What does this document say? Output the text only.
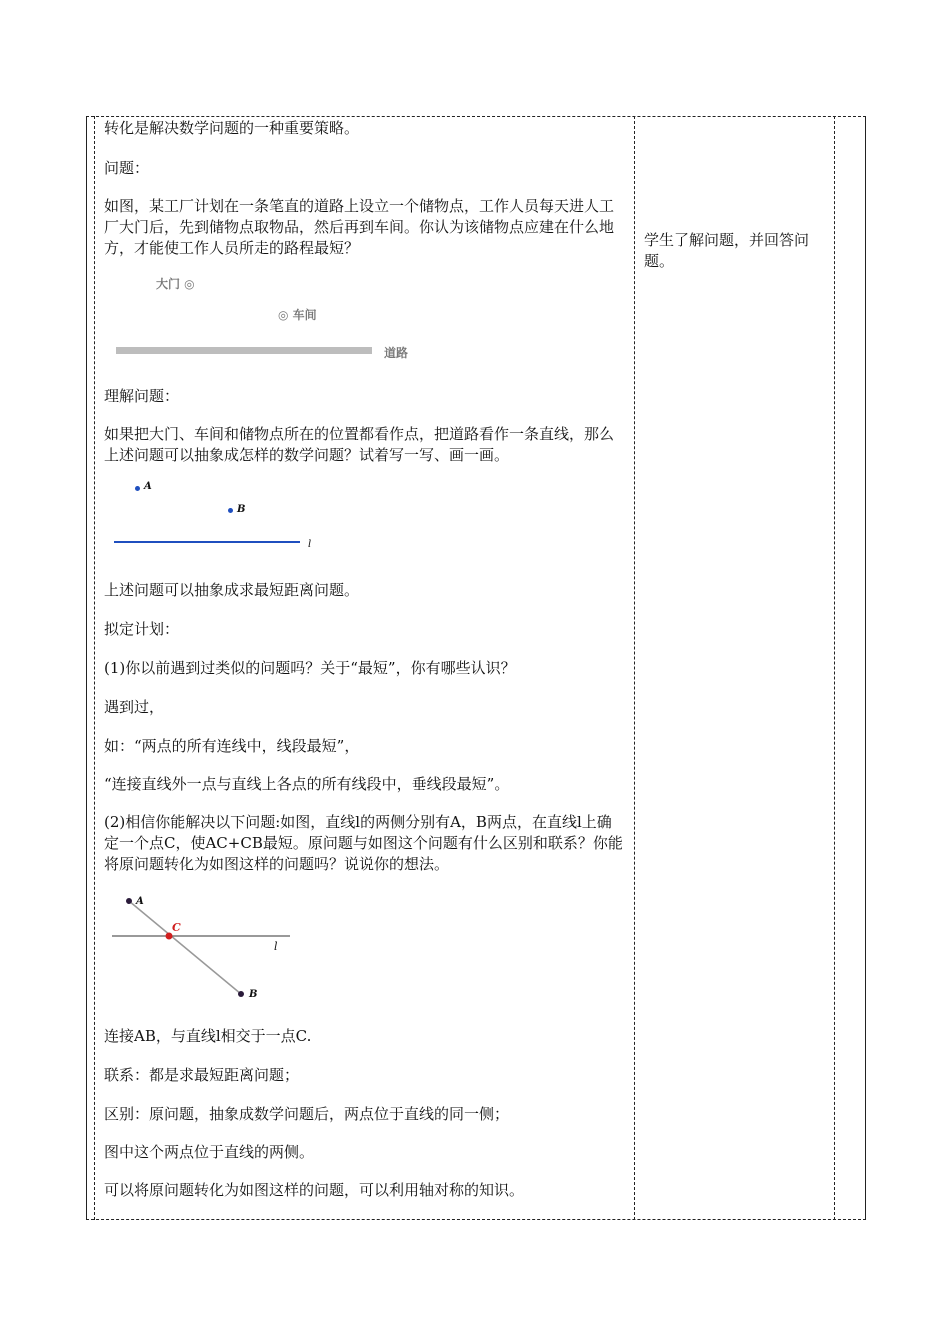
转化是解决数学问题的一种重要策略。

问题：

如图，某工厂计划在一条笔直的道路上设立一个储物点，工作人员每天进人工厂大门后，先到储物点取物品，然后再到车间。你认为该储物点应建在什么地方，才能使工作人员所走的路程最短？

大门 ◎
◎ 车间
道路

理解问题：

如果把大门、车间和储物点所在的位置都看作点，把道路看作一条直线，那么上述问题可以抽象成怎样的数学问题？试着写一写、画一画。

A
B
l

上述问题可以抽象成求最短距离问题。

拟定计划：

(1)你以前遇到过类似的问题吗？关于“最短”，你有哪些认识？

遇到过，

如：“两点的所有连线中，线段最短”，

“连接直线外一点与直线上各点的所有线段中，垂线段最短”。

(2)相信你能解决以下问题:如图，直线l的两侧分别有A，B两点，在直线l上确定一个点C，使AC+CB最短。原问题与如图这个问题有什么区别和联系？你能将原问题转化为如图这样的问题吗？说说你的想法。

A
B
C
l

连接AB，与直线l相交于一点C.

联系：都是求最短距离问题；

区别：原问题，抽象成数学问题后，两点位于直线的同一侧；

图中这个两点位于直线的两侧。

可以将原问题转化为如图这样的问题，可以利用轴对称的知识。

学生了解问题，并回答问题。
